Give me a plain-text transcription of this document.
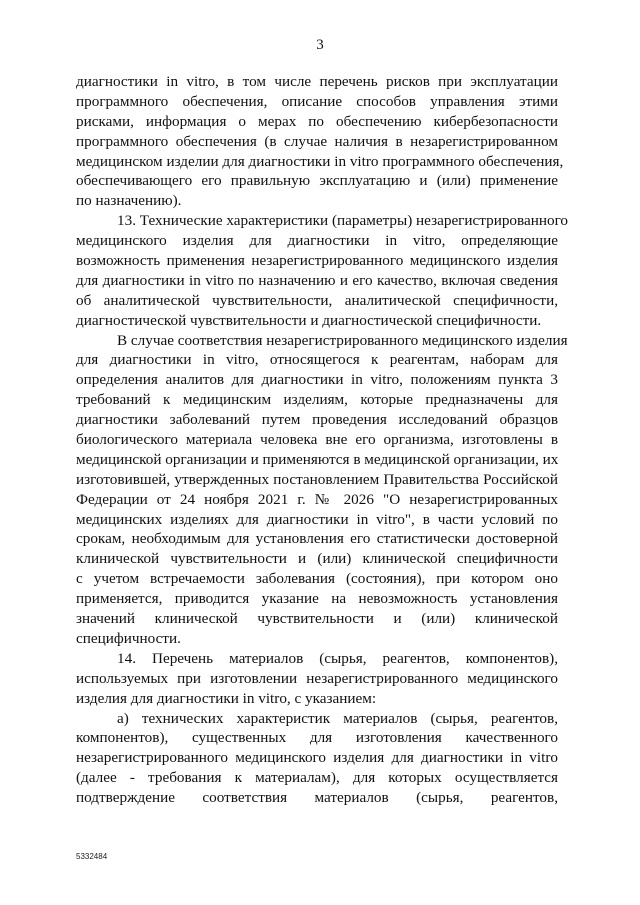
3
диагностики in vitro, в том числе перечень рисков при эксплуатации
программного обеспечения, описание способов управления этими
рисками, информация о мерах по обеспечению кибербезопасности
программного обеспечения (в случае наличия в незарегистрированном
медицинском изделии для диагностики in vitro программного обеспечения,
обеспечивающего его правильную эксплуатацию и (или) применение
по назначению).
13. Технические характеристики (параметры) незарегистрированного
медицинского изделия для диагностики in vitro, определяющие
возможность применения незарегистрированного медицинского изделия
для диагностики in vitro по назначению и его качество, включая сведения
об аналитической чувствительности, аналитической специфичности,
диагностической чувствительности и диагностической специфичности.
В случае соответствия незарегистрированного медицинского изделия
для диагностики in vitro, относящегося к реагентам, наборам для
определения аналитов для диагностики in vitro, положениям пункта 3
требований к медицинским изделиям, которые предназначены для
диагностики заболеваний путем проведения исследований образцов
биологического материала человека вне его организма, изготовлены в
медицинской организации и применяются в медицинской организации, их
изготовившей, утвержденных постановлением Правительства Российской
Федерации от 24 ноября 2021 г. № 2026 "О незарегистрированных
медицинских изделиях для диагностики in vitro", в части условий по
срокам, необходимым для установления его статистически достоверной
клинической чувствительности и (или) клинической специфичности
с учетом встречаемости заболевания (состояния), при котором оно
применяется, приводится указание на невозможность установления
значений клинической чувствительности и (или) клинической
специфичности.
14. Перечень материалов (сырья, реагентов, компонентов),
используемых при изготовлении незарегистрированного медицинского
изделия для диагностики in vitro, с указанием:
а) технических характеристик материалов (сырья, реагентов,
компонентов), существенных для изготовления качественного
незарегистрированного медицинского изделия для диагностики in vitro
(далее - требования к материалам), для которых осуществляется
подтверждение соответствия материалов (сырья, реагентов,
5332484
